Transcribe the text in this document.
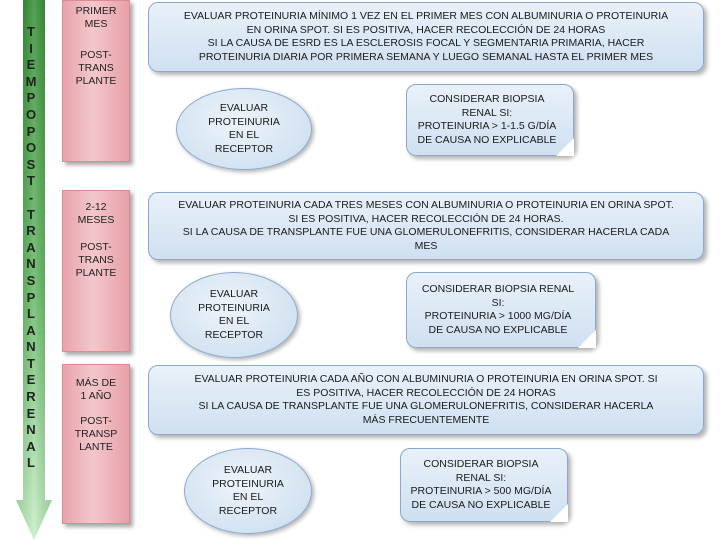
T
I
E
M
P
O
P
O
S
T
-
T
R
A
N
S
P
L
A
N
T
E
R
E
N
A
L
PRIMER
MES
POST-
TRANS
PLANTE
2-12
MESES
POST-
TRANS
PLANTE
MÁS DE
1 AÑO
POST-
TRANSP
LANTE
EVALUAR PROTEINURIA MÍNIMO 1 VEZ EN EL PRIMER MES CON ALBUMINURIA O PROTEINURIA
EN ORINA SPOT. SI ES POSITIVA, HACER RECOLECCIÓN DE 24 HORAS
SI LA CAUSA DE ESRD ES LA ESCLEROSIS FOCAL Y SEGMENTARIA PRIMARIA, HACER
PROTEINURIA DIARIA POR PRIMERA SEMANA Y LUEGO SEMANAL HASTA EL PRIMER MES
EVALUAR PROTEINURIA CADA TRES MESES CON ALBUMINURIA O PROTEINURIA EN ORINA SPOT.
SI ES POSITIVA, HACER RECOLECCIÓN DE 24 HORAS.
SI LA CAUSA DE TRANSPLANTE FUE UNA GLOMERULONEFRITIS, CONSIDERAR HACERLA CADA
MES
EVALUAR PROTEINURIA CADA AÑO CON ALBUMINURIA O PROTEINURIA EN ORINA SPOT. SI
ES POSITIVA, HACER RECOLECCIÓN DE 24 HORAS
SI LA CAUSA DE TRANSPLANTE FUE UNA GLOMERULONEFRITIS, CONSIDERAR HACERLA
MÁS FRECUENTEMENTE
EVALUAR
PROTEINURIA
EN EL
RECEPTOR
EVALUAR
PROTEINURIA
EN EL
RECEPTOR
EVALUAR
PROTEINURIA
EN EL
RECEPTOR
CONSIDERAR BIOPSIA
RENAL SI:
PROTEINURIA > 1-1.5 G/DÍA
DE CAUSA NO EXPLICABLE
CONSIDERAR BIOPSIA RENAL
SI:
PROTEINURIA > 1000 MG/DÍA
DE CAUSA NO EXPLICABLE
CONSIDERAR BIOPSIA
RENAL SI:
PROTEINURIA > 500 MG/DÍA
DE CAUSA NO EXPLICABLE
